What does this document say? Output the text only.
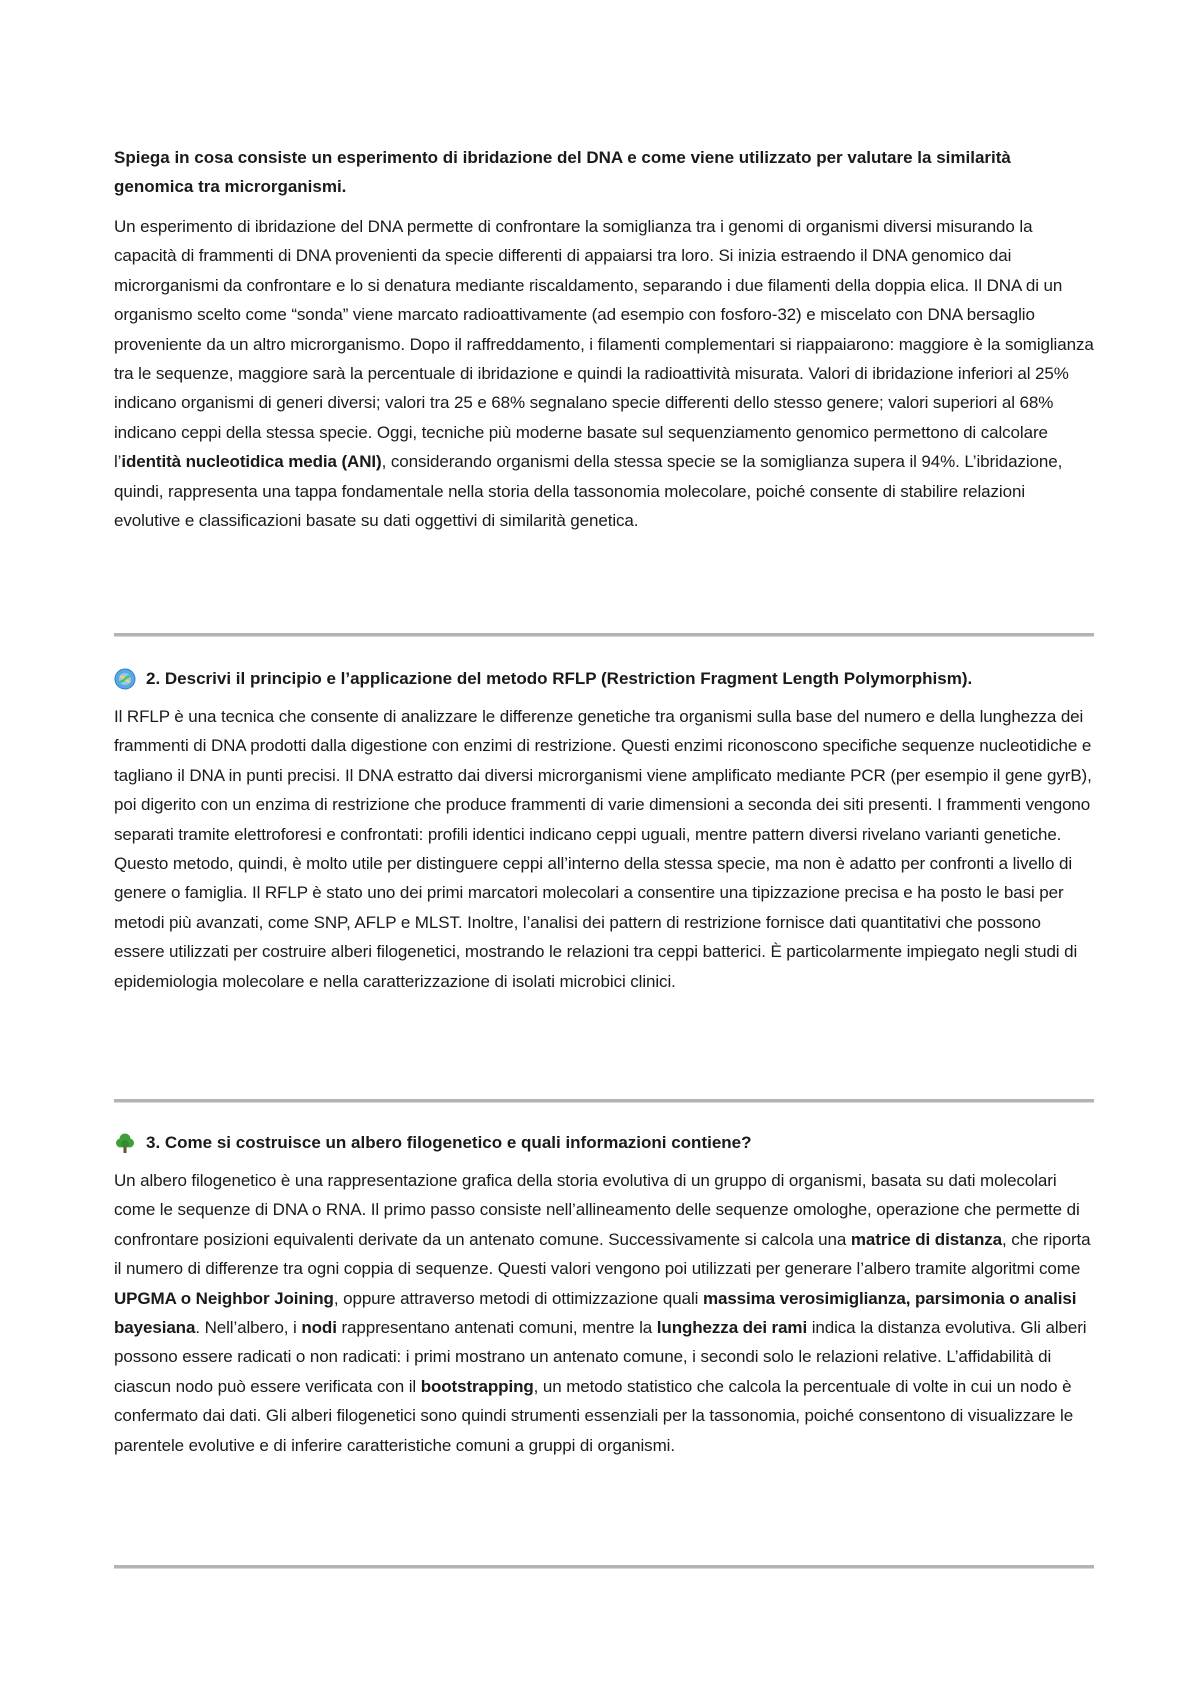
Spiega in cosa consiste un esperimento di ibridazione del DNA e come viene utilizzato per valutare la similarità genomica tra microrganismi.

Un esperimento di ibridazione del DNA permette di confrontare la somiglianza tra i genomi di organismi diversi misurando la capacità di frammenti di DNA provenienti da specie differenti di appaiarsi tra loro. Si inizia estraendo il DNA genomico dai microrganismi da confrontare e lo si denatura mediante riscaldamento, separando i due filamenti della doppia elica. Il DNA di un organismo scelto come “sonda” viene marcato radioattivamente (ad esempio con fosforo-32) e miscelato con DNA bersaglio proveniente da un altro microrganismo. Dopo il raffreddamento, i filamenti complementari si riappaiarono: maggiore è la somiglianza tra le sequenze, maggiore sarà la percentuale di ibridazione e quindi la radioattività misurata. Valori di ibridazione inferiori al 25% indicano organismi di generi diversi; valori tra 25 e 68% segnalano specie differenti dello stesso genere; valori superiori al 68% indicano ceppi della stessa specie. Oggi, tecniche più moderne basate sul sequenziamento genomico permettono di calcolare l’identità nucleotidica media (ANI), considerando organismi della stessa specie se la somiglianza supera il 94%. L’ibridazione, quindi, rappresenta una tappa fondamentale nella storia della tassonomia molecolare, poiché consente di stabilire relazioni evolutive e classificazioni basate su dati oggettivi di similarità genetica.

2. Descrivi il principio e l’applicazione del metodo RFLP (Restriction Fragment Length Polymorphism).

Il RFLP è una tecnica che consente di analizzare le differenze genetiche tra organismi sulla base del numero e della lunghezza dei frammenti di DNA prodotti dalla digestione con enzimi di restrizione. Questi enzimi riconoscono specifiche sequenze nucleotidiche e tagliano il DNA in punti precisi. Il DNA estratto dai diversi microrganismi viene amplificato mediante PCR (per esempio il gene gyrB), poi digerito con un enzima di restrizione che produce frammenti di varie dimensioni a seconda dei siti presenti. I frammenti vengono separati tramite elettroforesi e confrontati: profili identici indicano ceppi uguali, mentre pattern diversi rivelano varianti genetiche. Questo metodo, quindi, è molto utile per distinguere ceppi all’interno della stessa specie, ma non è adatto per confronti a livello di genere o famiglia. Il RFLP è stato uno dei primi marcatori molecolari a consentire una tipizzazione precisa e ha posto le basi per metodi più avanzati, come SNP, AFLP e MLST. Inoltre, l’analisi dei pattern di restrizione fornisce dati quantitativi che possono essere utilizzati per costruire alberi filogenetici, mostrando le relazioni tra ceppi batterici. È particolarmente impiegato negli studi di epidemiologia molecolare e nella caratterizzazione di isolati microbici clinici.

3. Come si costruisce un albero filogenetico e quali informazioni contiene?

Un albero filogenetico è una rappresentazione grafica della storia evolutiva di un gruppo di organismi, basata su dati molecolari come le sequenze di DNA o RNA. Il primo passo consiste nell’allineamento delle sequenze omologhe, operazione che permette di confrontare posizioni equivalenti derivate da un antenato comune. Successivamente si calcola una matrice di distanza, che riporta il numero di differenze tra ogni coppia di sequenze. Questi valori vengono poi utilizzati per generare l’albero tramite algoritmi come UPGMA o Neighbor Joining, oppure attraverso metodi di ottimizzazione quali massima verosimiglianza, parsimonia o analisi bayesiana. Nell’albero, i nodi rappresentano antenati comuni, mentre la lunghezza dei rami indica la distanza evolutiva. Gli alberi possono essere radicati o non radicati: i primi mostrano un antenato comune, i secondi solo le relazioni relative. L’affidabilità di ciascun nodo può essere verificata con il bootstrapping, un metodo statistico che calcola la percentuale di volte in cui un nodo è confermato dai dati. Gli alberi filogenetici sono quindi strumenti essenziali per la tassonomia, poiché consentono di visualizzare le parentele evolutive e di inferire caratteristiche comuni a gruppi di organismi.
